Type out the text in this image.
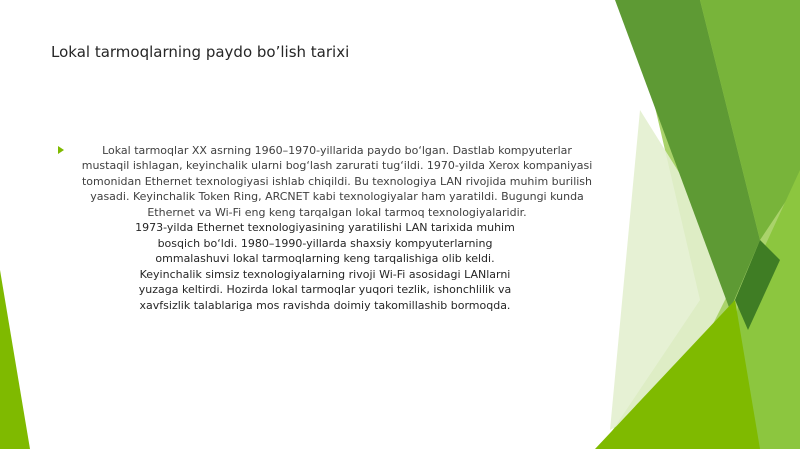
Lokal tarmoqlarning paydo bo’lish tarixi
Lokal tarmoqlar XX asrning 1960–1970-yillarida paydo bo‘lgan. Dastlab kompyuterlar mustaqil ishlagan, keyinchalik ularni bog‘lash zarurati tug‘ildi. 1970-yilda Xerox kompaniyasi tomonidan Ethernet texnologiyasi ishlab chiqildi. Bu texnologiya LAN rivojida muhim burilish yasadi. Keyinchalik Token Ring, ARCNET kabi texnologiyalar ham yaratildi. Bugungi kunda Ethernet va Wi-Fi eng keng tarqalgan lokal tarmoq texnologiyalaridir.
1973-yilda Ethernet texnologiyasining yaratilishi LAN tarixida muhim bosqich bo‘ldi. 1980–1990-yillarda shaxsiy kompyuterlarning ommalashuvi lokal tarmoqlarning keng tarqalishiga olib keldi. Keyinchalik simsiz texnologiyalarning rivoji Wi-Fi asosidagi LANlarni yuzaga keltirdi. Hozirda lokal tarmoqlar yuqori tezlik, ishonchlilik va xavfsizlik talablariga mos ravishda doimiy takomillashib bormoqda.
